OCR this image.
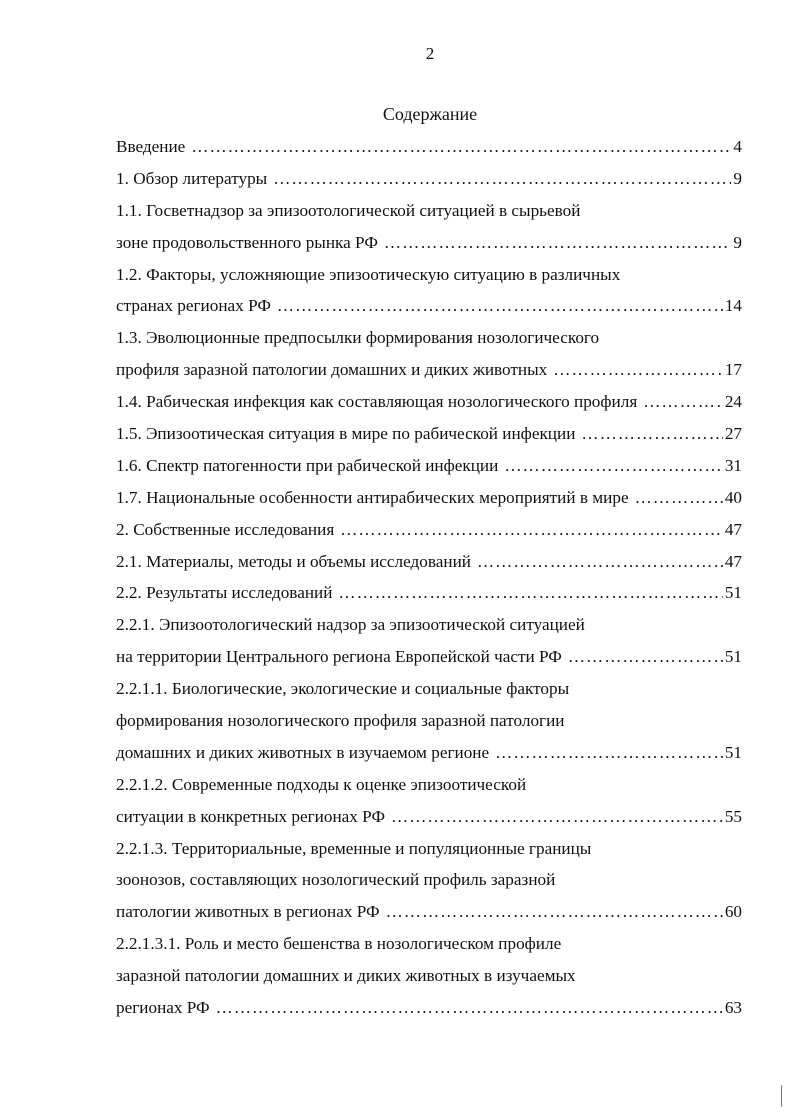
2
Содержание
Введение ………………………………………………………………………………………………………………………………………………………………	4
1. Обзор литературы ………………………………………………………………………………………………………………………………………………………………	9
1.1. Госветнадзор за эпизоотологической ситуацией в сырьевой
зоне продовольственного рынка РФ ………………………………………………………………………………………………………………………………………………………………	9
1.2. Факторы, усложняющие эпизоотическую ситуацию в различных
странах регионах РФ ………………………………………………………………………………………………………………………………………………………………	14
1.3. Эволюционные предпосылки формирования нозологического
профиля заразной патологии домашних и диких животных ………………………………………………………………………………………………………………………………………………………………	17
1.4. Рабическая инфекция как составляющая нозологического профиля ………………………………………………………………………………………………………………………………………………………………	24
1.5. Эпизоотическая ситуация в мире по рабической инфекции ………………………………………………………………………………………………………………………………………………………………	27
1.6. Спектр патогенности при рабической инфекции ………………………………………………………………………………………………………………………………………………………………	31
1.7. Национальные особенности антирабических мероприятий в мире ………………………………………………………………………………………………………………………………………………………………	40
2. Собственные исследования ………………………………………………………………………………………………………………………………………………………………	47
2.1. Материалы, методы и объемы исследований ………………………………………………………………………………………………………………………………………………………………	47
2.2. Результаты исследований ………………………………………………………………………………………………………………………………………………………………	51
2.2.1. Эпизоотологический надзор за эпизоотической ситуацией
на территории Центрального региона Европейской части РФ ………………………………………………………………………………………………………………………………………………………………	51
2.2.1.1. Биологические, экологические и социальные факторы
формирования нозологического профиля заразной патологии
домашних и диких животных в изучаемом регионе ………………………………………………………………………………………………………………………………………………………………	51
2.2.1.2. Современные подходы к оценке эпизоотической
ситуации в конкретных регионах РФ ………………………………………………………………………………………………………………………………………………………………	55
2.2.1.3. Территориальные, временные и популяционные границы
зоонозов, составляющих нозологический профиль заразной
патологии животных в регионах РФ ………………………………………………………………………………………………………………………………………………………………	60
2.2.1.3.1. Роль и место бешенства в нозологическом профиле
заразной патологии домашних и диких животных в изучаемых
регионах РФ ………………………………………………………………………………………………………………………………………………………………	63
